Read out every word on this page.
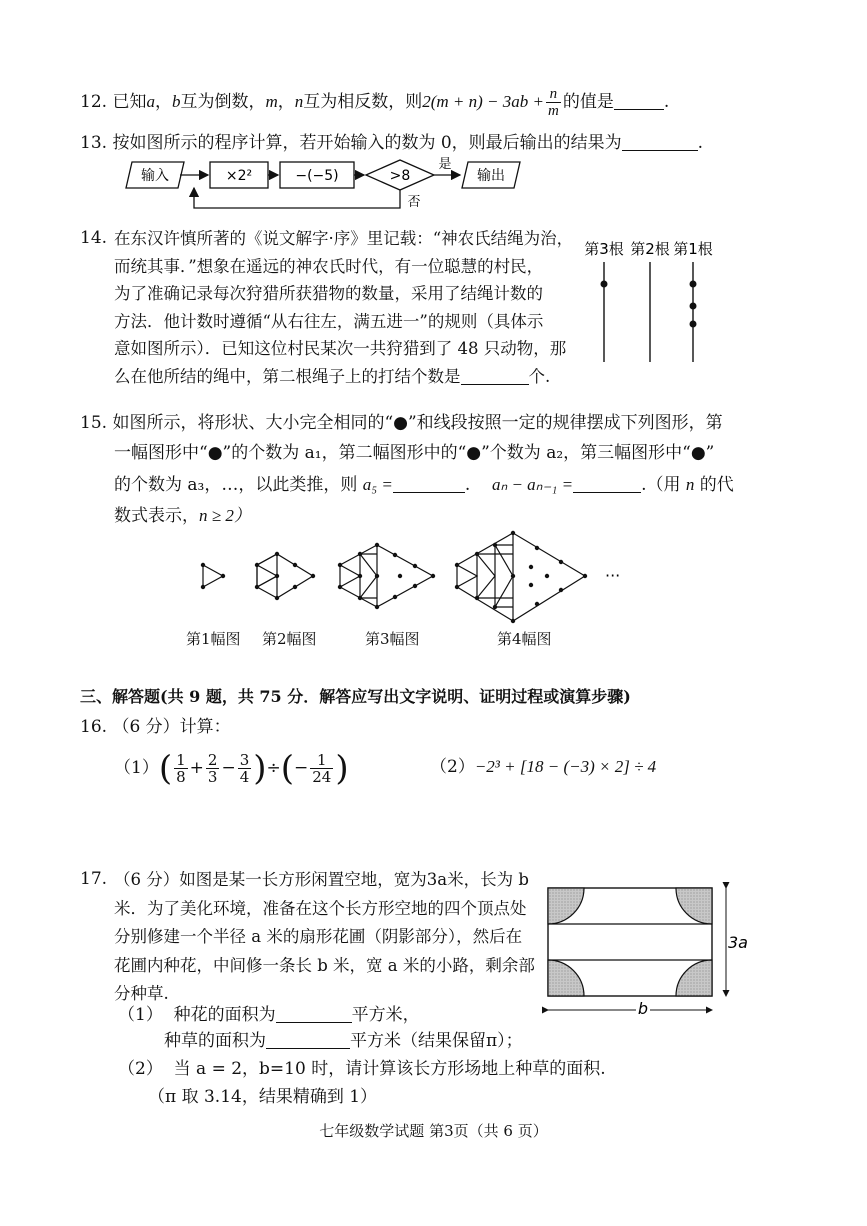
12. 已知a，b互为倒数，m，n互为相反数，则$2(m + n) - 3ab + \frac{n}{m}$ 的值是	.
13. 按如图所示的程序计算，若开始输入的数为 0，则最后输出的结果为	.
输入	×2²	−(−5)	>8
是
输出
否
14. 在东汉许慎所著的《说文解字·序》里记载：“神农氏结绳为治，
而统其事．”想象在遥远的神农氏时代，有一位聪慧的村民，
为了准确记录每次狩猎所获猎物的数量，采用了结绳计数的
方法．他计数时遵循“从右往左，满五进一”的规则（具体示
意如图所示）．已知这位村民某次一共狩猎到了 48 只动物，那
么在他所结的绳中，第二根绳子上的打结个数是	个.
第3根 第2根 第1根
15. 如图所示，将形状、大小完全相同的“●”和线段按照一定的规律摆成下列图形，第
一幅图形中“●”的个数为 a₁，第二幅图形中的“●”个数为 a₂，第三幅图形中“●”
的个数为 a₃，…，以此类推，则 a₅ =	.    aₙ − aₙ₋₁ =	.（用 n 的代
数式表示，n ≥ 2）
···
第1幅图 第2幅图	第3幅图	第4幅图
三、解答题(共 9 题，共 75 分．解答应写出文字说明、证明过程或演算步骤)
16. （6 分）计算：
$(1)( \frac{1}{8} + \frac{2}{3} - \frac{3}{4}$ )÷(− $\frac{1}{24}$ )	（2）−2³ + [18 − (−3) × 2] ÷ 4
17. （6 分）如图是某一长方形闲置空地，宽为3a米，长为 b
米．为了美化环境，准备在这个长方形空地的四个顶点处
分别修建一个半径 a 米的扇形花圃（阴影部分），然后在
花圃内种花，中间修一条长 b 米，宽 a 米的小路，剩余部
分种草.
（1） 种花的面积为	平方米，
种草的面积为	平方米（结果保留π）；
（2） 当 a = 2，b=10 时，请计算该长方形场地上种草的面积.
（π 取 3.14，结果精确到 1）
3a
b
七年级数学试题 第3页（共 6 页）
